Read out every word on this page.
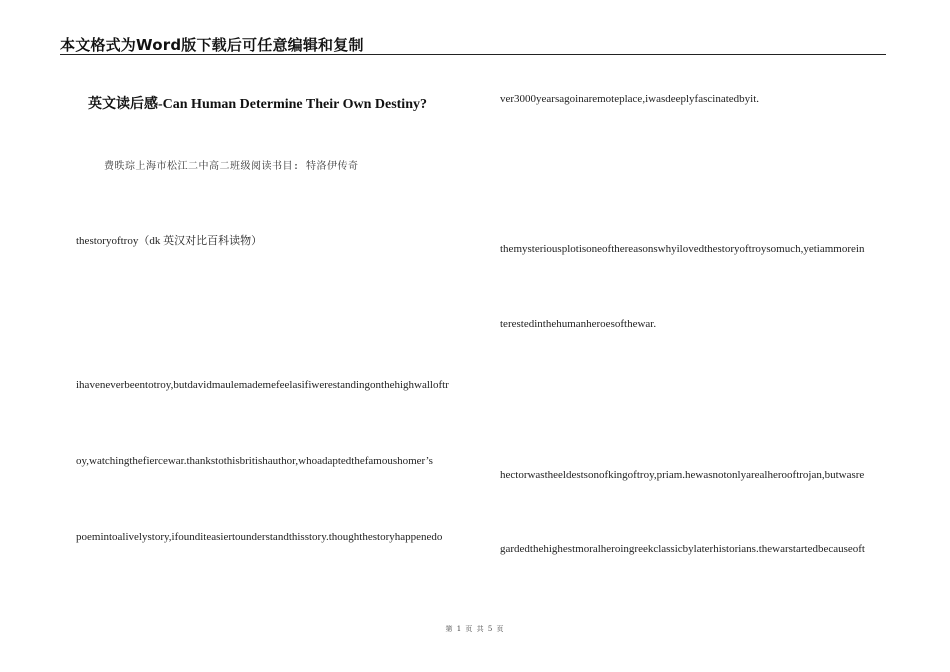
本文格式为Word版下载后可任意编辑和复制
英文读后感-Can Human Determine Their Own Destiny?
费昳琮上海市松江二中高二班级阅读书目: 特洛伊传奇
thestoryoftroy（dk 英汉对比百科读物）
ihaveneverbeentotroy,butdavidmaulemademefeelasifiwerestandingonthehighwalloftr
oy,watchingthefiercewar.thankstothisbritishauthor,whoadaptedthefamoushomer’s
poemintoalivelystory,ifounditeasiertounderstandthisstory.thoughthestoryhappenedo
ver3000yearsagoinaremoteplace,iwasdeeplyfascinatedbyit.
themysteriousplotisoneofthereasonswhyilovedthestoryoftroysomuch,yetiammorein
terestedinthehumanheroesofthewar.
hectorwastheeldestsonofkingoftroy,priam.hewasnotonlyarealherooftrojan,butwasre
gardedthehighestmoralheroingreekclassicbylaterhistorians.thewarstartedbecauseoft
第 1 页 共 5 页
